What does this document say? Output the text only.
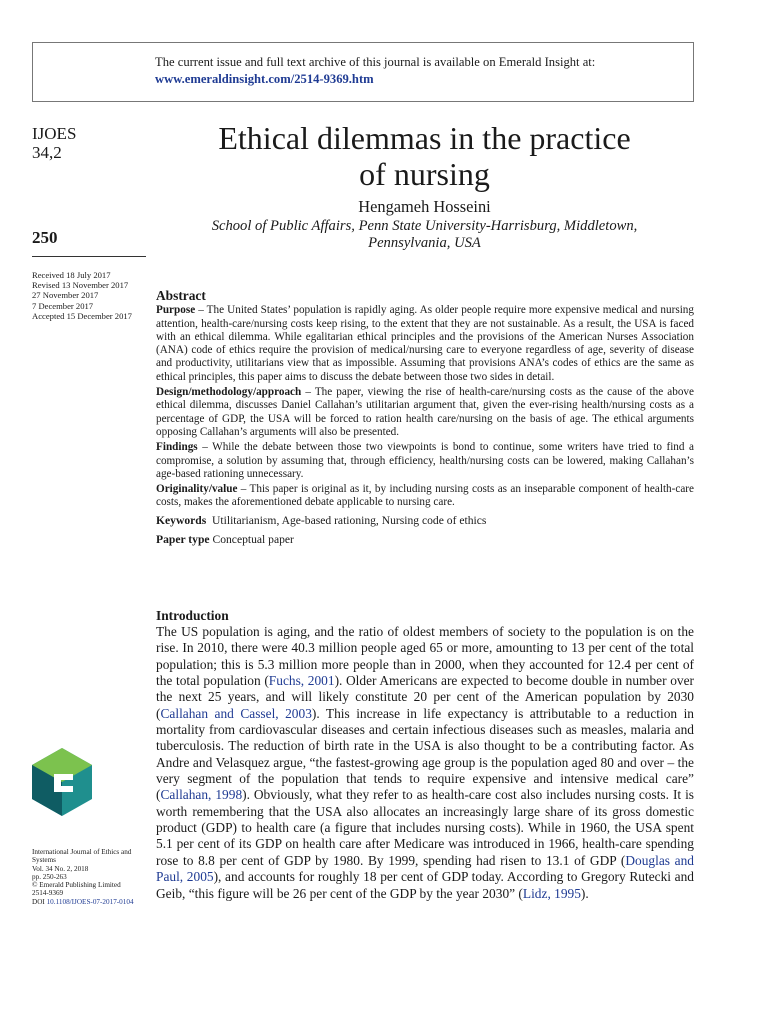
The current issue and full text archive of this journal is available on Emerald Insight at:
www.emeraldinsight.com/2514-9369.htm
IJOES
34,2
250
Received 18 July 2017
Revised 13 November 2017
27 November 2017
7 December 2017
Accepted 15 December 2017
Ethical dilemmas in the practice
of nursing
Hengameh Hosseini
School of Public Affairs, Penn State University-Harrisburg, Middletown,
Pennsylvania, USA
Abstract

Purpose – The United States’ population is rapidly aging. As older people require more expensive medical and nursing attention, health-care/nursing costs keep rising, to the extent that they are not sustainable. As a result, the USA is faced with an ethical dilemma. While egalitarian ethical principles and the provisions of the American Nurses Association (ANA) code of ethics require the provision of medical/nursing care to everyone regardless of age, severity of disease and productivity, utilitarians view that as impossible. Assuming that provisions ANA’s codes of ethics are the same as ethical principles, this paper aims to discuss the debate between those two sides in detail.

Design/methodology/approach – The paper, viewing the rise of health-care/nursing costs as the cause of the above ethical dilemma, discusses Daniel Callahan’s utilitarian argument that, given the ever-rising health/nursing costs as a percentage of GDP, the USA will be forced to ration health care/nursing on the basis of age. The ethical arguments opposing Callahan’s arguments will also be presented.

Findings – While the debate between those two viewpoints is bond to continue, some writers have tried to find a compromise, a solution by assuming that, through efficiency, health/nursing costs can be lowered, making Callahan’s age-based rationing unnecessary.

Originality/value – This paper is original as it, by including nursing costs as an inseparable component of health-care costs, makes the aforementioned debate applicable to nursing care.

Keywords Utilitarianism, Age-based rationing, Nursing code of ethics

Paper type Conceptual paper

Introduction

The US population is aging, and the ratio of oldest members of society to the population is on the rise. In 2010, there were 40.3 million people aged 65 or more, amounting to 13 per cent of the total population; this is 5.3 million more people than in 2000, when they accounted for 12.4 per cent of the total population (Fuchs, 2001). Older Americans are expected to become double in number over the next 25 years, and will likely constitute 20 per cent of the American population by 2030 (Callahan and Cassel, 2003). This increase in life expectancy is attributable to a reduction in mortality from cardiovascular diseases and certain infectious diseases such as measles, malaria and tuberculosis. The reduction of birth rate in the USA is also thought to be a contributing factor. As Andre and Velasquez argue, “the fastest-growing age group is the population aged 80 and over – the very segment of the population that tends to require expensive and intensive medical care” (Callahan, 1998). Obviously, what they refer to as health-care cost also includes nursing costs. It is worth remembering that the USA also allocates an increasingly large share of its gross domestic product (GDP) to health care (a figure that includes nursing costs). While in 1960, the USA spent 5.1 per cent of its GDP on health care after Medicare was introduced in 1966, health-care spending rose to 8.8 per cent of GDP by 1980. By 1999, spending had risen to 13.1 of GDP (Douglas and Paul, 2005), and accounts for roughly 18 per cent of GDP today. According to Gregory Rutecki and Geib, “this figure will be 26 per cent of the GDP by the year 2030” (Lidz, 1995).

International Journal of Ethics and Systems
Vol. 34 No. 2, 2018
pp. 250-263
© Emerald Publishing Limited
2514-9369
DOI 10.1108/IJOES-07-2017-0104
